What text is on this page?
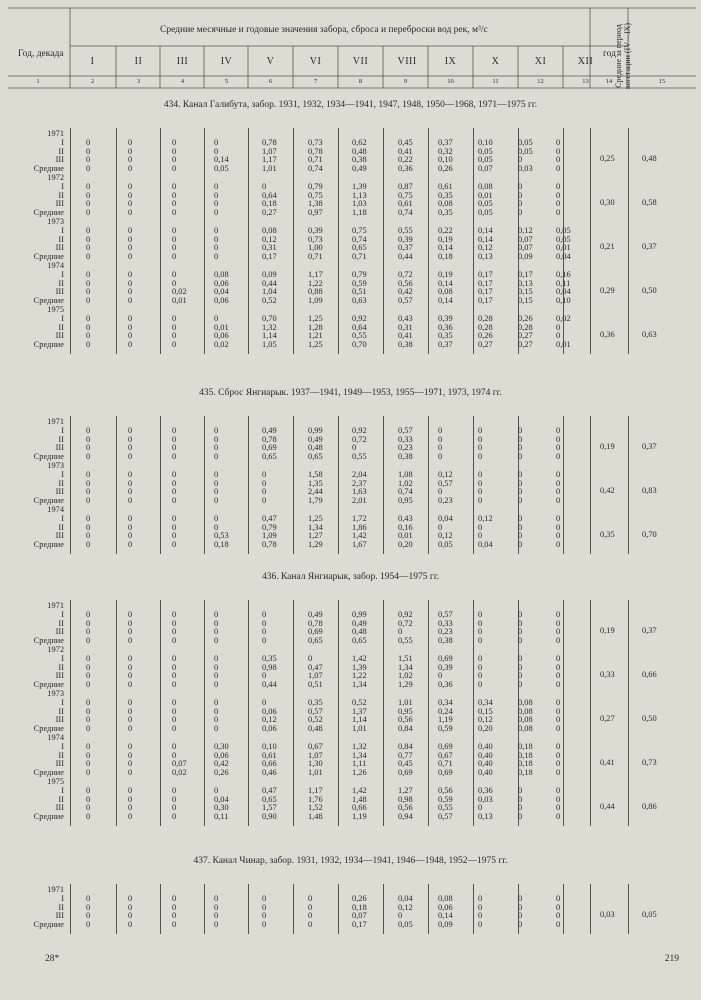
Год, декада
Средние месячные и годовые значения забора, сброса и переброски вод рек, м³/с
год
Средние за период вегетации (IV—IX)
I	II	III	IV	V	VI	VII	VIII	IX	X	XI	XII
1	2	3	4	5	6	7	8	9	10	11	12	13	14	15
434. Канал Галибута, забор. 1931, 1932, 1934—1941, 1947, 1948, 1950—1968, 1971—1975 гг.
1971
I	0	0	0	0	0,78	0,73	0,62	0,45	0,37	0,10	0,05	0
II	0	0	0	0	1,07	0,78	0,48	0,41	0,32	0,05	0,05	0
III	0	0	0	0,14	1,17	0,71	0,38	0,22	0,10	0,05	0	0
Средние	0	0	0	0,05	1,01	0,74	0,49	0,36	0,26	0,07	0,03	0
0,25	0,48
1972
I	0	0	0	0	0	0,79	1,39	0,87	0,61	0,08	0	0
II	0	0	0	0	0,64	0,75	1,13	0,75	0,35	0,01	0	0
III	0	0	0	0	0,18	1,38	1,03	0,61	0,08	0,05	0	0
Средние	0	0	0	0	0,27	0,97	1,18	0,74	0,35	0,05	0	0
0,30	0,58
1973
I	0	0	0	0	0,08	0,39	0,75	0,55	0,22	0,14	0,12	0,05
II	0	0	0	0	0,12	0,73	0,74	0,39	0,19	0,14	0,07	0,05
III	0	0	0	0	0,31	1,00	0,65	0,37	0,14	0,12	0,07	0,01
Средние	0	0	0	0	0,17	0,71	0,71	0,44	0,18	0,13	0,09	0,04
0,21	0,37
1974
I	0	0	0	0,08	0,09	1,17	0,79	0,72	0,19	0,17	0,17	0,16
II	0	0	0	0,06	0,44	1,22	0,59	0,56	0,14	0,17	0,13	0,11
III	0	0	0,02	0,04	1,04	0,88	0,51	0,42	0,08	0,17	0,15	0,04
Средние	0	0	0,01	0,06	0,52	1,09	0,63	0,57	0,14	0,17	0,15	0,10
0,29	0,50
1975
I	0	0	0	0	0,70	1,25	0,92	0,43	0,39	0,28	0,26	0,02
II	0	0	0	0,01	1,32	1,28	0,64	0,31	0,36	0,28	0,28	0
III	0	0	0	0,06	1,14	1,21	0,55	0,41	0,35	0,26	0,27	0
Средние	0	0	0	0,02	1,05	1,25	0,70	0,38	0,37	0,27	0,27	0,01
0,36	0,63
435. Сброс Янгиарык. 1937—1941, 1949—1953, 1955—1971, 1973, 1974 гг.
1971
I	0	0	0	0	0,49	0,99	0,92	0,57	0	0	0	0
II	0	0	0	0	0,78	0,49	0,72	0,33	0	0	0	0
III	0	0	0	0	0,69	0,48	0	0,23	0	0	0	0
Средние	0	0	0	0	0,65	0,65	0,55	0,38	0	0	0	0
0,19	0,37
1973
I	0	0	0	0	0	1,58	2,04	1,08	0,12	0	0	0
II	0	0	0	0	0	1,35	2,37	1,02	0,57	0	0	0
III	0	0	0	0	0	2,44	1,63	0,74	0	0	0	0
Средние	0	0	0	0	0	1,79	2,01	0,95	0,23	0	0	0
0,42	0,83
1974
I	0	0	0	0	0,47	1,25	1,72	0,43	0,04	0,12	0	0
II	0	0	0	0	0,79	1,34	1,86	0,16	0	0	0	0
III	0	0	0	0,53	1,09	1,27	1,42	0,01	0,12	0	0	0
Средние	0	0	0	0,18	0,78	1,29	1,67	0,20	0,05	0,04	0	0
0,35	0,70
436. Канал Янгиарык, забор. 1954—1975 гг.
1971
I	0	0	0	0	0	0,49	0,99	0,92	0,57	0	0	0
II	0	0	0	0	0	0,78	0,49	0,72	0,33	0	0	0
III	0	0	0	0	0	0,69	0,48	0	0,23	0	0	0
Средние	0	0	0	0	0	0,65	0,65	0,55	0,38	0	0	0
0,19	0,37
1972
I	0	0	0	0	0,35	0	1,42	1,51	0,69	0	0	0
II	0	0	0	0	0,98	0,47	1,39	1,34	0,39	0	0	0
III	0	0	0	0	0	1,07	1,22	1,02	0	0	0	0
Средние	0	0	0	0	0,44	0,51	1,34	1,29	0,36	0	0	0
0,33	0,66
1973
I	0	0	0	0	0	0,35	0,52	1,01	0,34	0,34	0,08	0
II	0	0	0	0	0,06	0,57	1,37	0,95	0,24	0,15	0,08	0
III	0	0	0	0	0,12	0,52	1,14	0,56	1,19	0,12	0,08	0
Средние	0	0	0	0	0,06	0,48	1,01	0,84	0,59	0,20	0,08	0
0,27	0,50
1974
I	0	0	0	0,30	0,10	0,67	1,32	0,84	0,69	0,40	0,18	0
II	0	0	0	0,06	0,61	1,07	1,34	0,77	0,67	0,40	0,18	0
III	0	0	0,07	0,42	0,66	1,30	1,11	0,45	0,71	0,40	0,18	0
Средние	0	0	0,02	0,26	0,46	1,01	1,26	0,69	0,69	0,40	0,18	0
0,41	0,73
1975
I	0	0	0	0	0,47	1,17	1,42	1,27	0,56	0,36	0	0
II	0	0	0	0,04	0,65	1,76	1,48	0,98	0,59	0,03	0	0
III	0	0	0	0,30	1,57	1,52	0,66	0,56	0,55	0	0	0
Средние	0	0	0	0,11	0,90	1,48	1,19	0,94	0,57	0,13	0	0
0,44	0,86
437. Канал Чинар, забор. 1931, 1932, 1934—1941, 1946—1948, 1952—1975 гг.
1971
I	0	0	0	0	0	0	0,26	0,04	0,08	0	0	0
II	0	0	0	0	0	0	0,18	0,12	0,06	0	0	0
III	0	0	0	0	0	0	0,07	0	0,14	0	0	0
Средние	0	0	0	0	0	0	0,17	0,05	0,09	0	0	0
0,03	0,05
28*	219
